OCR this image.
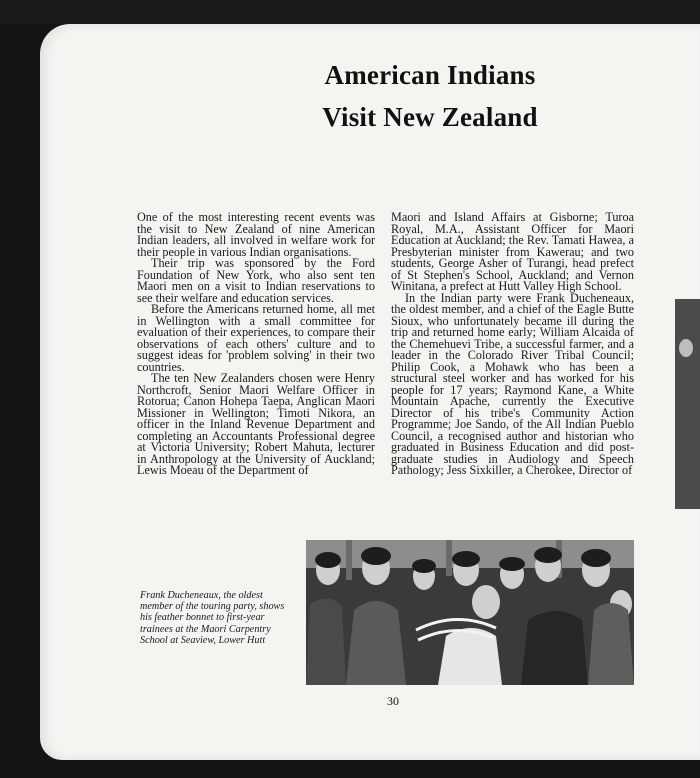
American Indians
Visit New Zealand

One of the most interesting recent events was the visit to New Zealand of nine American Indian leaders, all involved in welfare work for their people in various Indian organisations.

Their trip was sponsored by the Ford Foundation of New York, who also sent ten Maori men on a visit to Indian reservations to see their welfare and education services.

Before the Americans returned home, all met in Wellington with a small committee for evaluation of their experiences, to compare their observations of each others' culture and to suggest ideas for 'problem solving' in their two countries.

The ten New Zealanders chosen were Henry Northcroft, Senior Maori Welfare Officer in Rotorua; Canon Hohepa Taepa, Anglican Maori Missioner in Wellington; Timoti Nikora, an officer in the Inland Revenue Department and completing an Accountants Professional degree at Victoria University; Robert Mahuta, lecturer in Anthropology at the University of Auckland; Lewis Moeau of the Department of

Maori and Island Affairs at Gisborne; Turoa Royal, M.A., Assistant Officer for Maori Education at Auckland; the Rev. Tamati Hawea, a Presbyterian minister from Kawerau; and two students, George Asher of Turangi, head prefect of St Stephen's School, Auckland; and Vernon Winitana, a prefect at Hutt Valley High School.

In the Indian party were Frank Ducheneaux, the oldest member, and a chief of the Eagle Butte Sioux, who unfortunately became ill during the trip and returned home early; William Alcaida of the Chemehuevi Tribe, a successful farmer, and a leader in the Colorado River Tribal Council; Philip Cook, a Mohawk who has been a structural steel worker and has worked for his people for 17 years; Raymond Kane, a White Mountain Apache, currently the Executive Director of his tribe's Community Action Programme; Joe Sando, of the All Indian Pueblo Council, a recognised author and historian who graduated in Business Education and did post-graduate studies in Audiology and Speech Pathology; Jess Sixkiller, a Cherokee, Director of

Frank Ducheneaux, the oldest member of the touring party, shows his feather bonnet to first-year trainees at the Maori Carpentry School at Seaview, Lower Hutt
30
